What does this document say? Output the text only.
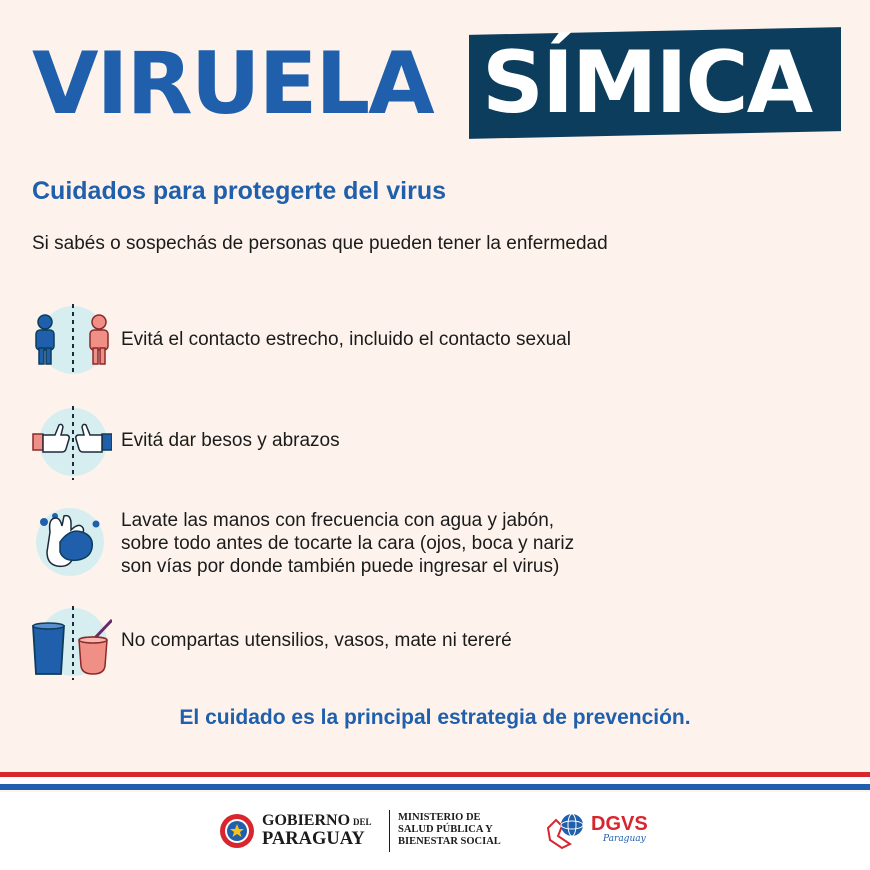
VIRUELA SÍMICA
Cuidados para protegerte del virus
Si sabés o sospechás de personas que pueden tener la enfermedad
Evitá el contacto estrecho, incluido el contacto sexual
Evitá dar besos y abrazos
Lavate las manos con frecuencia con agua y jabón,
sobre todo antes de tocarte la cara (ojos, boca y nariz
son vías por donde también puede ingresar el virus)
No compartas utensilios, vasos, mate ni tereré
El cuidado es la principal estrategia de prevención.
GOBIERNO DEL
PARAGUAY
MINISTERIO DE
SALUD PÚBLICA Y
BIENESTAR SOCIAL
DGVS
Paraguay
